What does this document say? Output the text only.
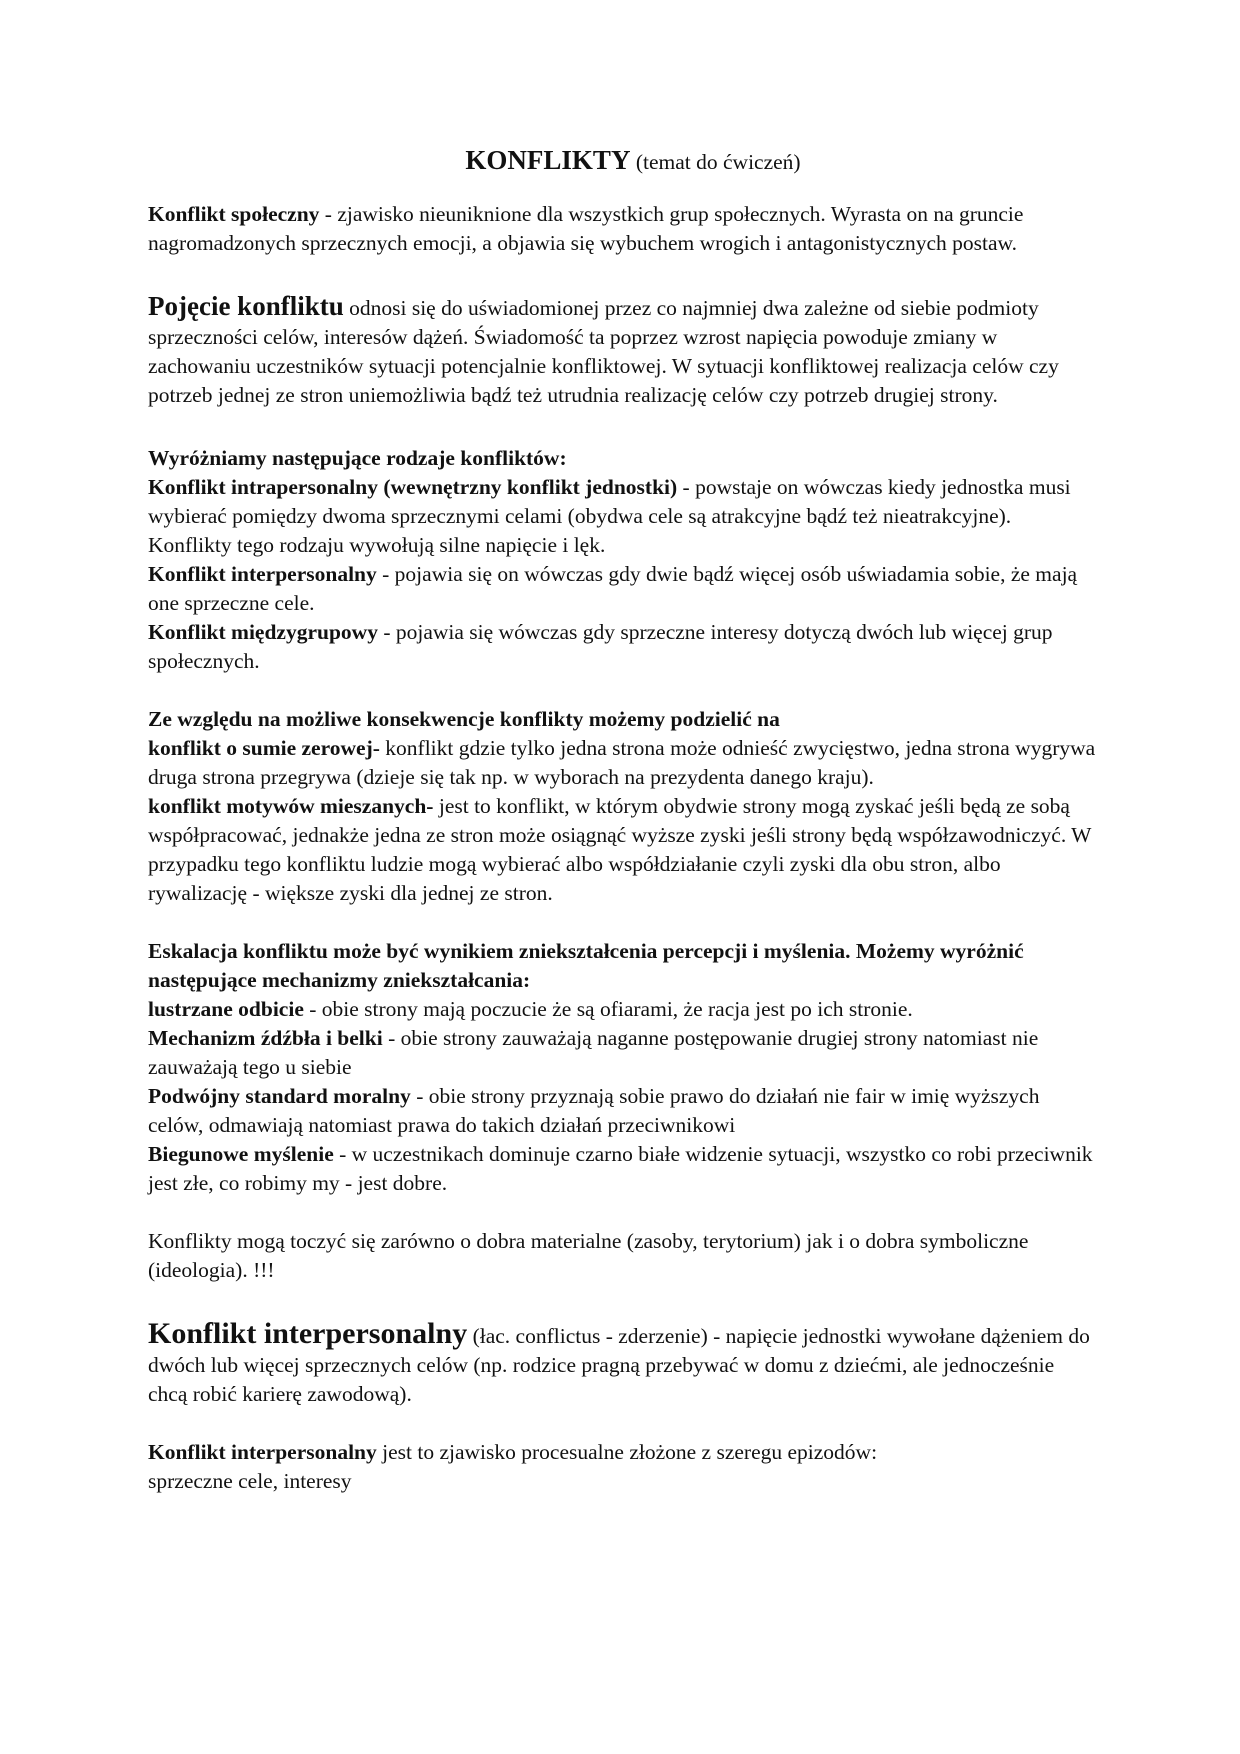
KONFLIKTY (temat do ćwiczeń)

Konflikt społeczny - zjawisko nieuniknione dla wszystkich grup społecznych. Wyrasta on na gruncie nagromadzonych sprzecznych emocji, a objawia się wybuchem wrogich i antagonistycznych postaw.

Pojęcie konfliktu odnosi się do uświadomionej przez co najmniej dwa zależne od siebie podmioty sprzeczności celów, interesów dążeń. Świadomość ta poprzez wzrost napięcia powoduje zmiany w zachowaniu uczestników sytuacji potencjalnie konfliktowej. W sytuacji konfliktowej realizacja celów czy potrzeb jednej ze stron uniemożliwia bądź też utrudnia realizację celów czy potrzeb drugiej strony.

Wyróżniamy następujące rodzaje konfliktów:

Konflikt intrapersonalny (wewnętrzny konflikt jednostki) - powstaje on wówczas kiedy jednostka musi wybierać pomiędzy dwoma sprzecznymi celami (obydwa cele są atrakcyjne bądź też nieatrakcyjne). Konflikty tego rodzaju wywołują silne napięcie i lęk.

Konflikt interpersonalny - pojawia się on wówczas gdy dwie bądź więcej osób uświadamia sobie, że mają one sprzeczne cele.

Konflikt międzygrupowy - pojawia się wówczas gdy sprzeczne interesy dotyczą dwóch lub więcej grup społecznych.

Ze względu na możliwe konsekwencje konflikty możemy podzielić na

konflikt o sumie zerowej- konflikt gdzie tylko jedna strona może odnieść zwycięstwo, jedna strona wygrywa druga strona przegrywa (dzieje się tak np. w wyborach na prezydenta danego kraju).

konflikt motywów mieszanych- jest to konflikt, w którym obydwie strony mogą zyskać jeśli będą ze sobą współpracować, jednakże jedna ze stron może osiągnąć wyższe zyski jeśli strony będą współzawodniczyć. W przypadku tego konfliktu ludzie mogą wybierać albo współdziałanie czyli zyski dla obu stron, albo rywalizację - większe zyski dla jednej ze stron.

Eskalacja konfliktu może być wynikiem zniekształcenia percepcji i myślenia. Możemy wyróżnić następujące mechanizmy zniekształcania:

lustrzane odbicie - obie strony mają poczucie że są ofiarami, że racja jest po ich stronie.

Mechanizm źdźbła i belki - obie strony zauważają naganne postępowanie drugiej strony natomiast nie zauważają tego u siebie

Podwójny standard moralny - obie strony przyznają sobie prawo do działań nie fair w imię wyższych celów, odmawiają natomiast prawa do takich działań przeciwnikowi

Biegunowe myślenie - w uczestnikach dominuje czarno białe widzenie sytuacji, wszystko co robi przeciwnik jest złe, co robimy my - jest dobre.

Konflikty mogą toczyć się zarówno o dobra materialne (zasoby, terytorium) jak i o dobra symboliczne (ideologia). !!!

Konflikt interpersonalny (łac. conflictus - zderzenie) - napięcie jednostki wywołane dążeniem do dwóch lub więcej sprzecznych celów (np. rodzice pragną przebywać w domu z dziećmi, ale jednocześnie chcą robić karierę zawodową).

Konflikt interpersonalny jest to zjawisko procesualne złożone z szeregu epizodów:

sprzeczne cele, interesy
